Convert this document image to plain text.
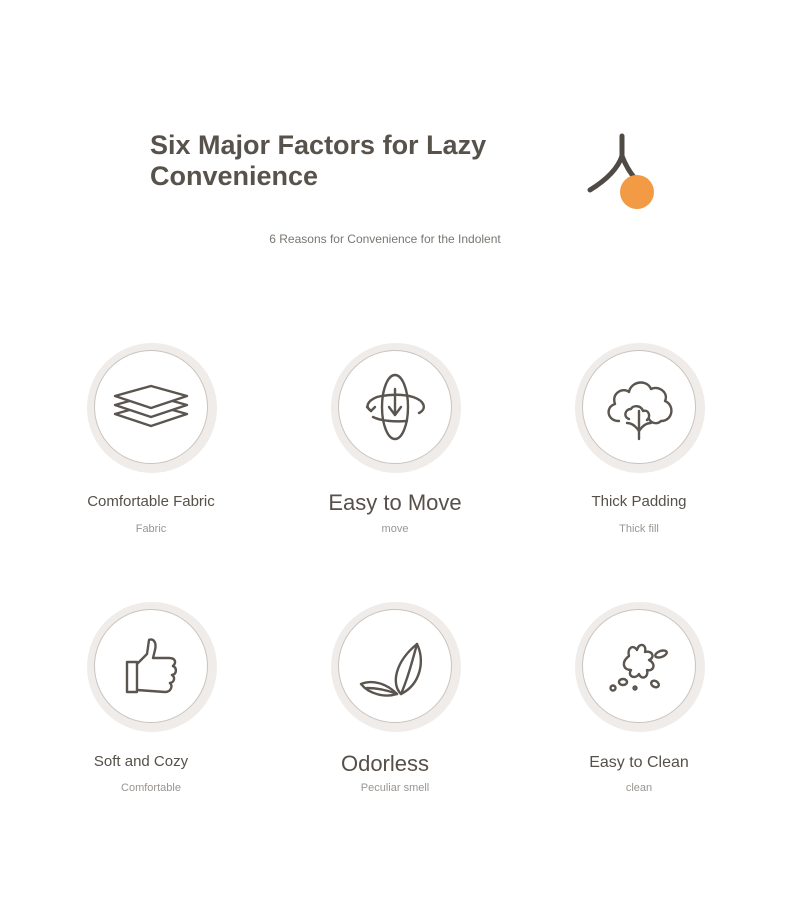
Six Major Factors for Lazy Convenience

6 Reasons for Convenience for the Indolent

Comfortable Fabric

Fabric

Easy to Move

move

Thick Padding

Thick fill

Soft and Cozy

Comfortable

Odorless

Peculiar smell

Easy to Clean

clean
